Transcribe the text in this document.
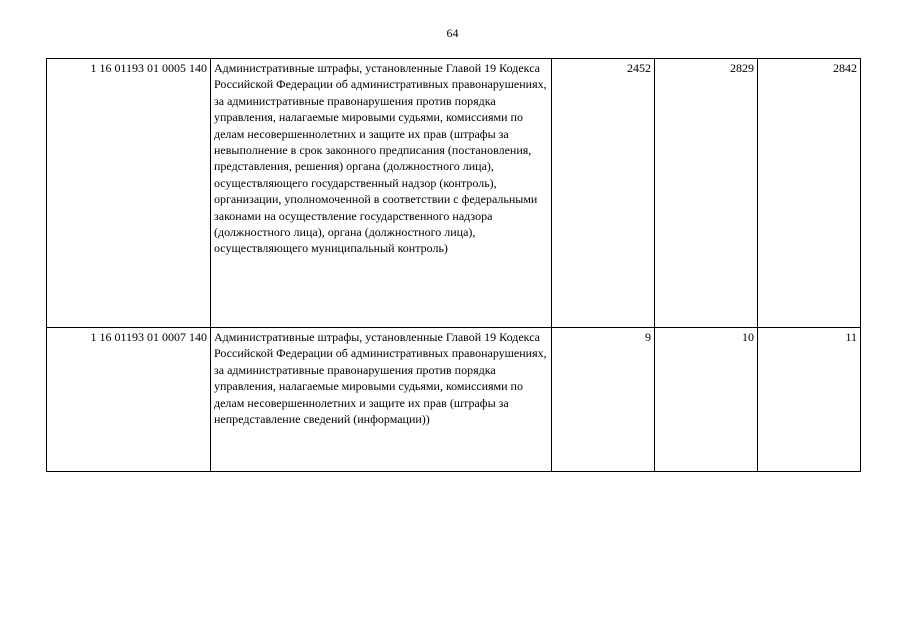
64
1 16 01193 01 0005 140	Административные штрафы, установленные Главой 19 Кодекса Российской Федерации об административных правонарушениях, за административные правонарушения против порядка управления, налагаемые мировыми судьями, комиссиями по делам несовершеннолетних и защите их прав (штрафы за невыполнение в срок законного предписания (постановления, представления, решения) органа (должностного лица), осуществляющего государственный надзор (контроль), организации, уполномоченной в соответствии с федеральными законами на осуществление государственного надзора (должностного лица), органа (должностного лица), осуществляющего муниципальный контроль)	2452	2829	2842
1 16 01193 01 0007 140	Административные штрафы, установленные Главой 19 Кодекса Российской Федерации об административных правонарушениях, за административные правонарушения против порядка управления, налагаемые мировыми судьями, комиссиями по делам несовершеннолетних и защите их прав (штрафы за непредставление сведений (информации))	9	10	11
